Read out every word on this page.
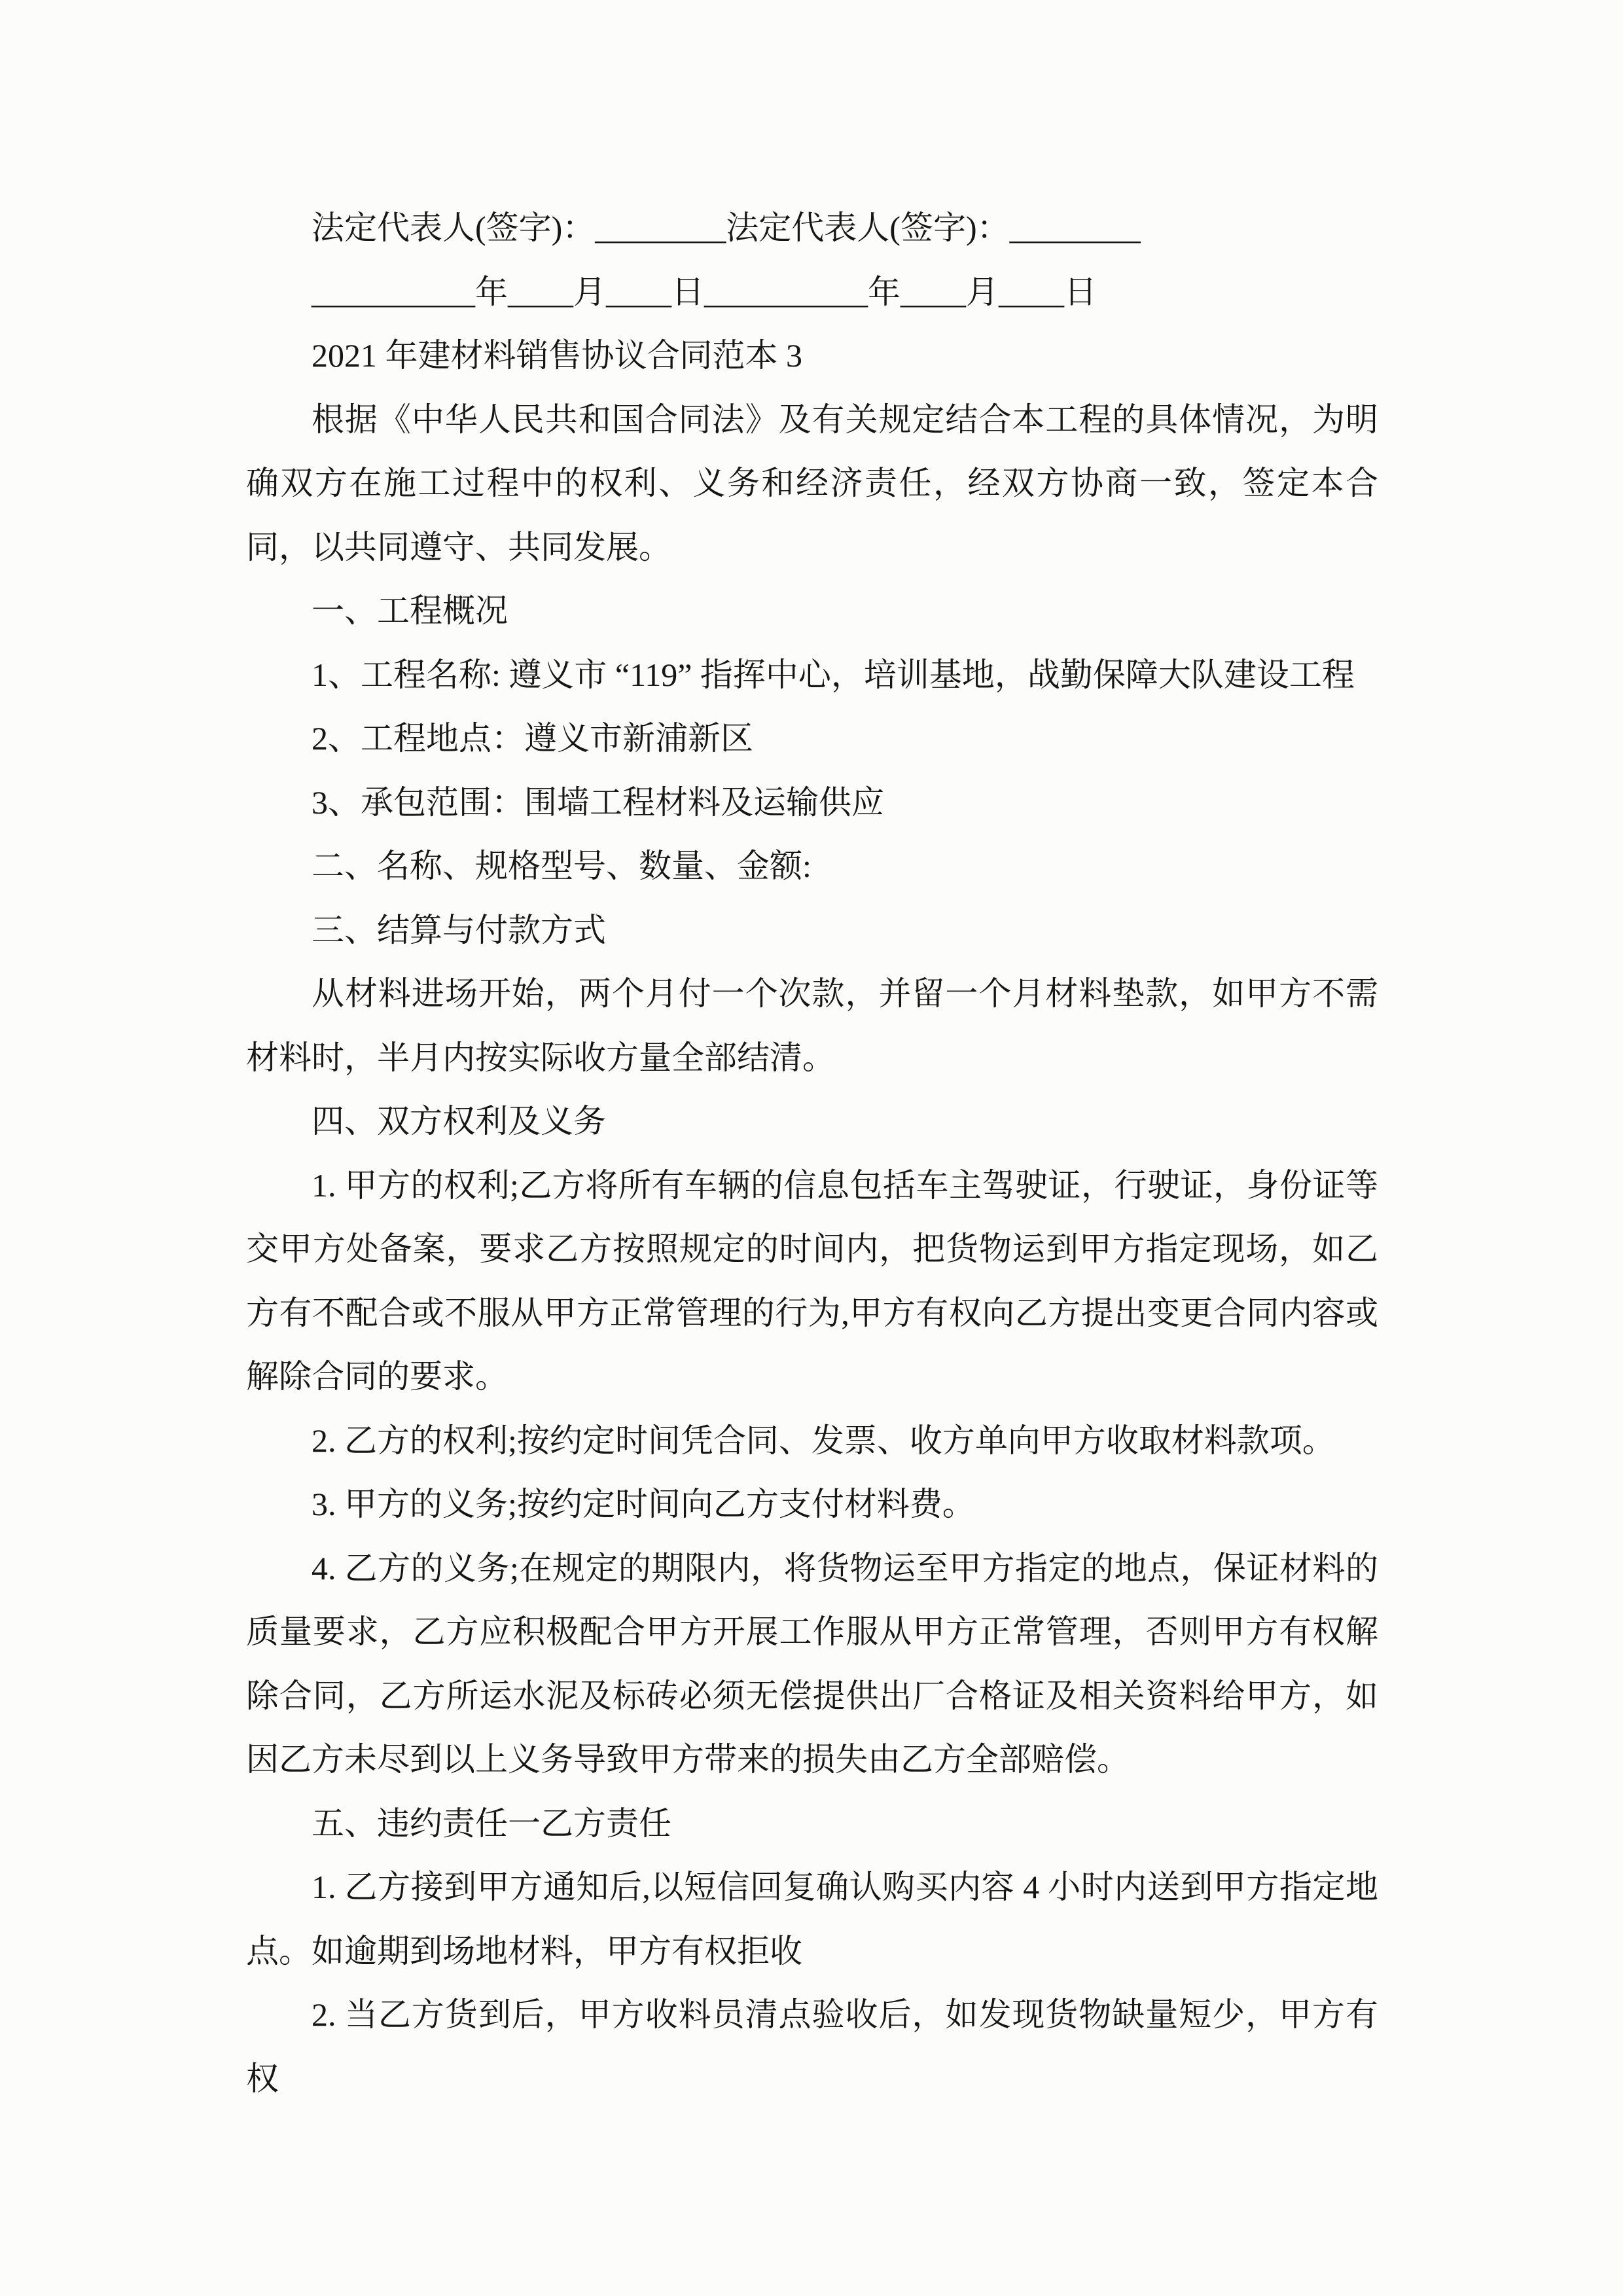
法定代表人(签字)：________法定代表人(签字)：________

__________年____月____日__________年____月____日

2021 年建材料销售协议合同范本 3

根据《中华人民共和国合同法》及有关规定结合本工程的具体情况，为明确双方在施工过程中的权利、义务和经济责任，经双方协商一致，签定本合同，以共同遵守、共同发展。

一、工程概况

1、工程名称: 遵义市 “119” 指挥中心，培训基地，战勤保障大队建设工程

2、工程地点：遵义市新浦新区

3、承包范围：围墙工程材料及运输供应

二、名称、规格型号、数量、金额:

三、结算与付款方式

从材料进场开始，两个月付一个次款，并留一个月材料垫款，如甲方不需材料时，半月内按实际收方量全部结清。

四、双方权利及义务

1. 甲方的权利;乙方将所有车辆的信息包括车主驾驶证，行驶证，身份证等交甲方处备案，要求乙方按照规定的时间内，把货物运到甲方指定现场，如乙方有不配合或不服从甲方正常管理的行为,甲方有权向乙方提出变更合同内容或解除合同的要求。

2. 乙方的权利;按约定时间凭合同、发票、收方单向甲方收取材料款项。

3. 甲方的义务;按约定时间向乙方支付材料费。

4. 乙方的义务;在规定的期限内，将货物运至甲方指定的地点，保证材料的质量要求，乙方应积极配合甲方开展工作服从甲方正常管理，否则甲方有权解除合同，乙方所运水泥及标砖必须无偿提供出厂合格证及相关资料给甲方，如因乙方未尽到以上义务导致甲方带来的损失由乙方全部赔偿。

五、违约责任一乙方责任

1. 乙方接到甲方通知后,以短信回复确认购买内容 4 小时内送到甲方指定地点。如逾期到场地材料，甲方有权拒收

2. 当乙方货到后，甲方收料员清点验收后，如发现货物缺量短少，甲方有权
